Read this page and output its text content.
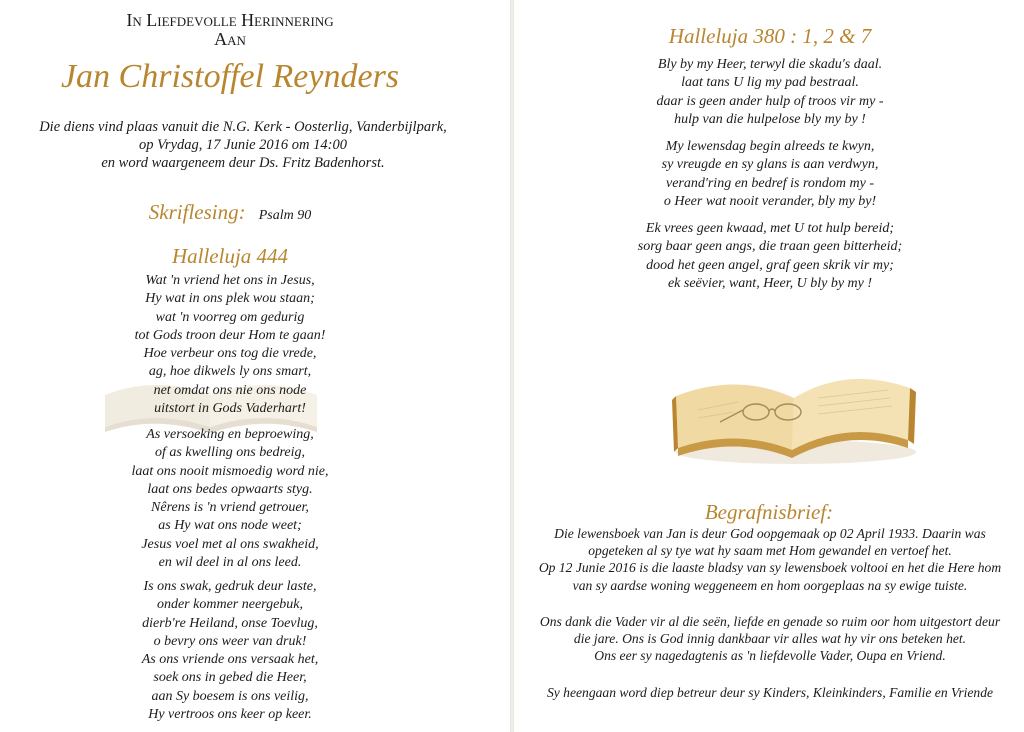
In Liefdevolle Herinnering
Aan
Jan Christoffel Reynders
Die diens vind plaas vanuit die N.G. Kerk - Oosterlig, Vanderbijlpark,
op Vrydag, 17 Junie 2016 om 14:00
en word waargeneem deur Ds. Fritz Badenhorst.
Skriflesing: Psalm 90
Halleluja 444
Wat 'n vriend het ons in Jesus,
Hy wat in ons plek wou staan;
wat 'n voorreg om gedurig
tot Gods troon deur Hom te gaan!
Hoe verbeur ons tog die vrede,
ag, hoe dikwels ly ons smart,
net omdat ons nie ons node
uitstort in Gods Vaderhart!
As versoeking en beproewing,
of as kwelling ons bedreig,
laat ons nooit mismoedig word nie,
laat ons bedes opwaarts styg.
Nêrens is 'n vriend getrouer,
as Hy wat ons node weet;
Jesus voel met al ons swakheid,
en wil deel in al ons leed.
Is ons swak, gedruk deur laste,
onder kommer neergebuk,
dierb're Heiland, onse Toevlug,
o bevry ons weer van druk!
As ons vriende ons versaak het,
soek ons in gebed die Heer,
aan Sy boesem is ons veilig,
Hy vertroos ons keer op keer.
Halleluja 380 : 1, 2 & 7
Bly by my Heer, terwyl die skadu's daal.
laat tans U lig my pad bestraal.
daar is geen ander hulp of troos vir my -
hulp van die hulpelose bly my by !
My lewensdag begin alreeds te kwyn,
sy vreugde en sy glans is aan verdwyn,
verand'ring en bedref is rondom my -
o Heer wat nooit verander, bly my by!
Ek vrees geen kwaad, met U tot hulp bereid;
sorg baar geen angs, die traan geen bitterheid;
dood het geen angel, graf geen skrik vir my;
ek seëvier, want, Heer, U bly by my !
Begrafnisbrief:
Die lewensboek van Jan is deur God oopgemaak op 02 April 1933. Daarin was
opgeteken al sy tye wat hy saam met Hom gewandel en vertoef het.
Op 12 Junie 2016 is die laaste bladsy van sy lewensboek voltooi en het die Here hom
van sy aardse woning weggeneem en hom oorgeplaas na sy ewige tuiste.
Ons dank die Vader vir al die seën, liefde en genade so ruim oor hom uitgestort deur
die jare. Ons is God innig dankbaar vir alles wat hy vir ons beteken het.
Ons eer sy nagedagtenis as 'n liefdevolle Vader, Oupa en Vriend.
Sy heengaan word diep betreur deur sy Kinders, Kleinkinders, Familie en Vriende
